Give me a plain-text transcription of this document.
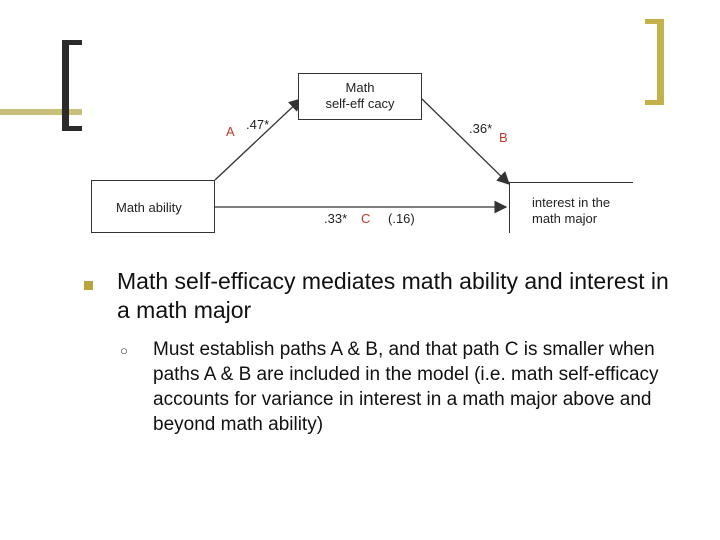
Math
self-eff cacy
Math ability	interest in the
math major
A .47*	.36*
B
.33* C (.16)
Math self-efficacy mediates math ability and interest in a math major
○ Must establish paths A & B, and that path C is smaller when paths A & B are included in the model (i.e. math self-efficacy accounts for variance in interest in a math major above and beyond math ability)
